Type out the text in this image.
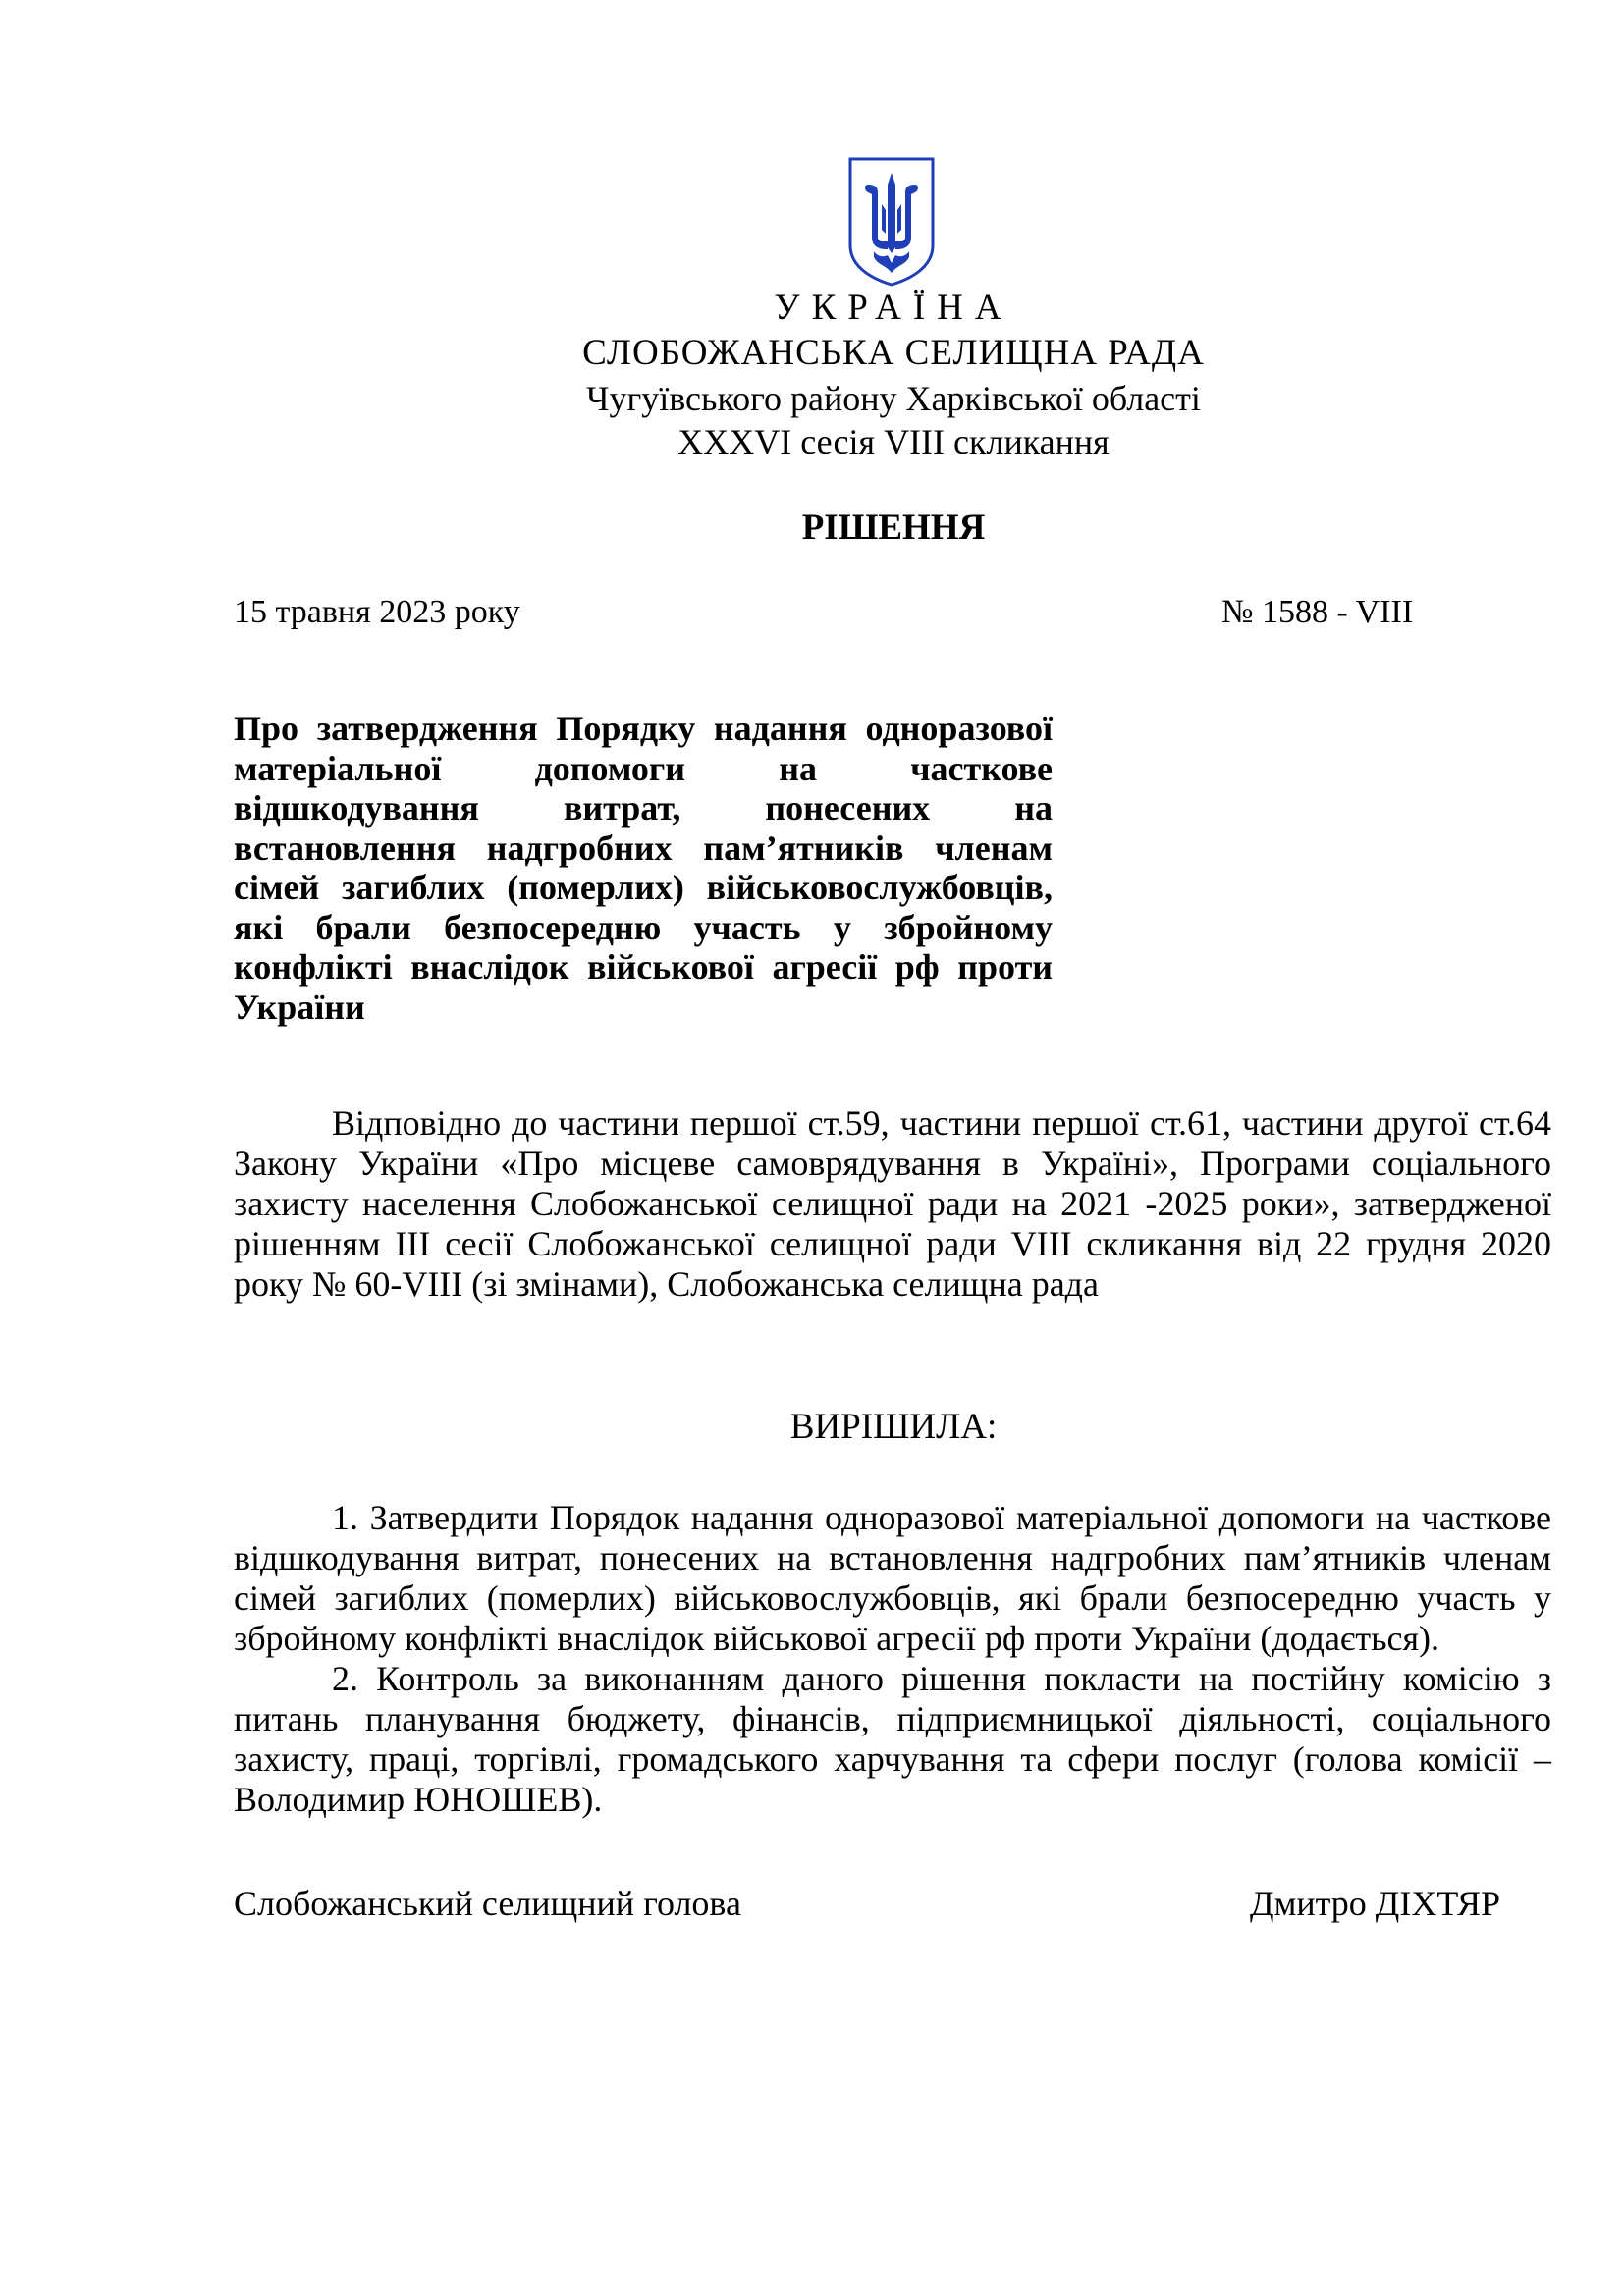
УКРАЇНА
СЛОБОЖАНСЬКА СЕЛИЩНА РАДА
Чугуївського району Харківської області
XXXVI сесія VIII скликання
РІШЕННЯ
15 травня 2023 року	№ 1588 - VIII
Про затвердження Порядку надання одноразової матеріальної допомоги на часткове відшкодування витрат, понесених на встановлення надгробних пам’ятників членам сімей загиблих (померлих) військовослужбовців, які брали безпосередню участь у збройному конфлікті внаслідок військової агресії рф проти України
Відповідно до частини першої ст.59, частини першої ст.61, частини другої ст.64 Закону України «Про місцеве самоврядування в Україні», Програми соціального захисту населення Слобожанської селищної ради на 2021 -2025 роки», затвердженої рішенням ІІІ сесії Слобожанської селищної ради VIII скликання від 22 грудня 2020 року № 60-VIII (зі змінами), Слобожанська селищна рада
ВИРІШИЛА:

1. Затвердити Порядок надання одноразової матеріальної допомоги на часткове відшкодування витрат, понесених на встановлення надгробних пам’ятників членам сімей загиблих (померлих) військовослужбовців, які брали безпосередню участь у збройному конфлікті внаслідок військової агресії рф проти України (додається).

2. Контроль за виконанням даного рішення покласти на постійну комісію з питань планування бюджету, фінансів, підприємницької діяльності, соціального захисту, праці, торгівлі, громадського харчування та сфери послуг (голова комісії – Володимир ЮНОШЕВ).

Слобожанський селищний голова	Дмитро ДІХТЯР
